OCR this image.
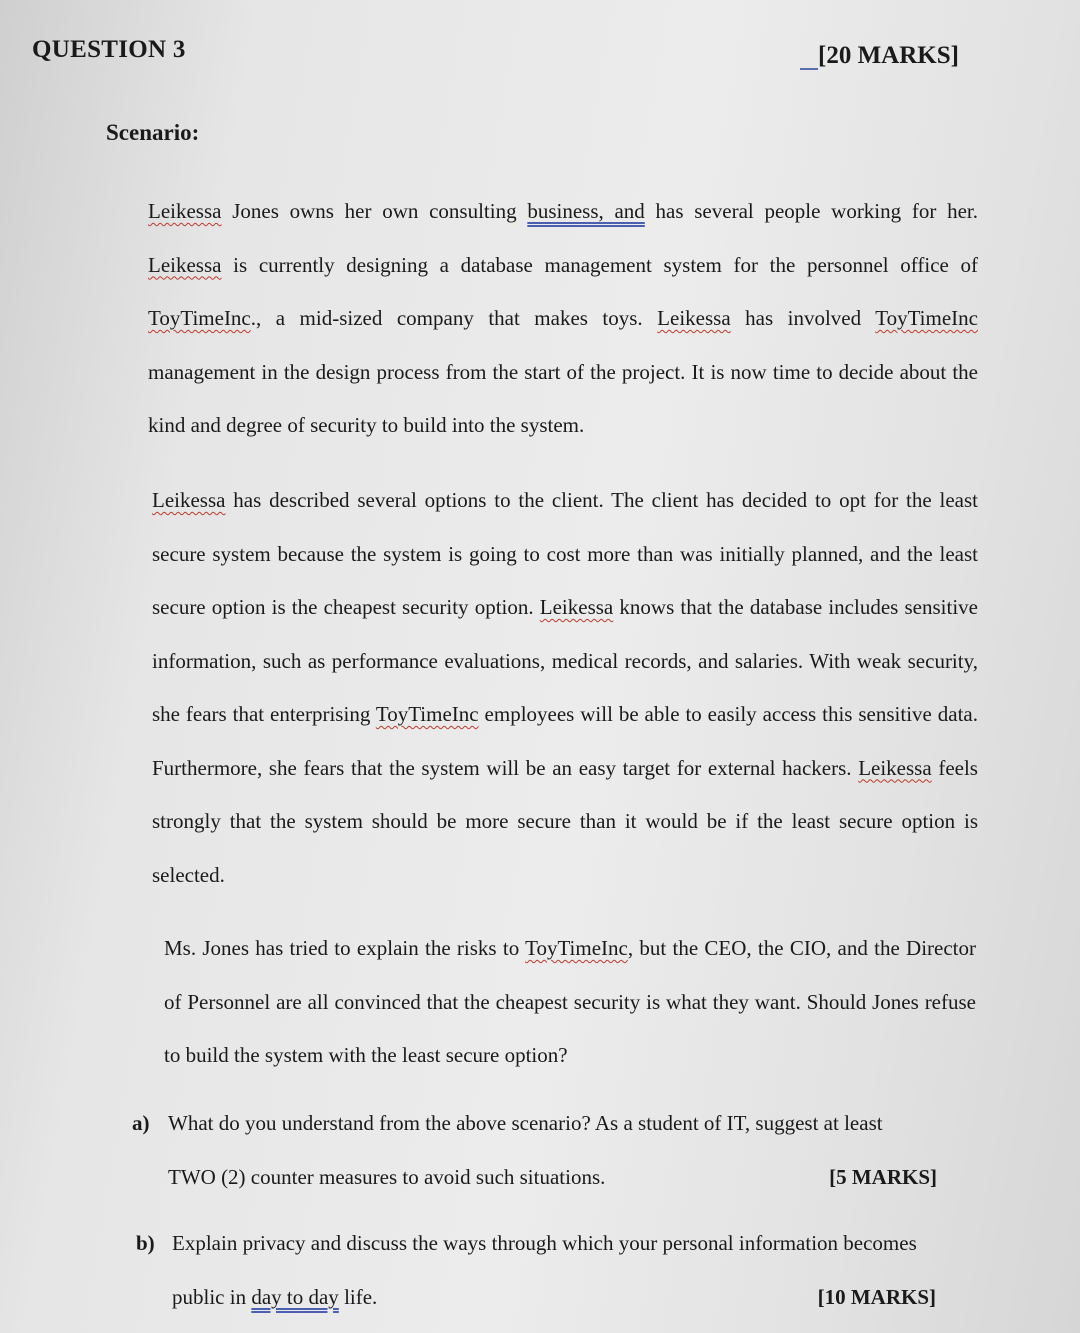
QUESTION 3	[20 MARKS]
Scenario:
Leikessa Jones owns her own consulting business, and has several people working for her. Leikessa is currently designing a database management system for the personnel office of ToyTimeInc., a mid-sized company that makes toys. Leikessa has involved ToyTimeInc management in the design process from the start of the project. It is now time to decide about the kind and degree of security to build into the system.
Leikessa has described several options to the client. The client has decided to opt for the least secure system because the system is going to cost more than was initially planned, and the least secure option is the cheapest security option. Leikessa knows that the database includes sensitive information, such as performance evaluations, medical records, and salaries. With weak security, she fears that enterprising ToyTimeInc employees will be able to easily access this sensitive data. Furthermore, she fears that the system will be an easy target for external hackers. Leikessa feels strongly that the system should be more secure than it would be if the least secure option is selected.
Ms. Jones has tried to explain the risks to ToyTimeInc, but the CEO, the CIO, and the Director of Personnel are all convinced that the cheapest security is what they want. Should Jones refuse to build the system with the least secure option?
a) What do you understand from the above scenario? As a student of IT, suggest at least
TWO (2) counter measures to avoid such situations.	[5 MARKS]
b) Explain privacy and discuss the ways through which your personal information becomes
public in day to day life.	[10 MARKS]
